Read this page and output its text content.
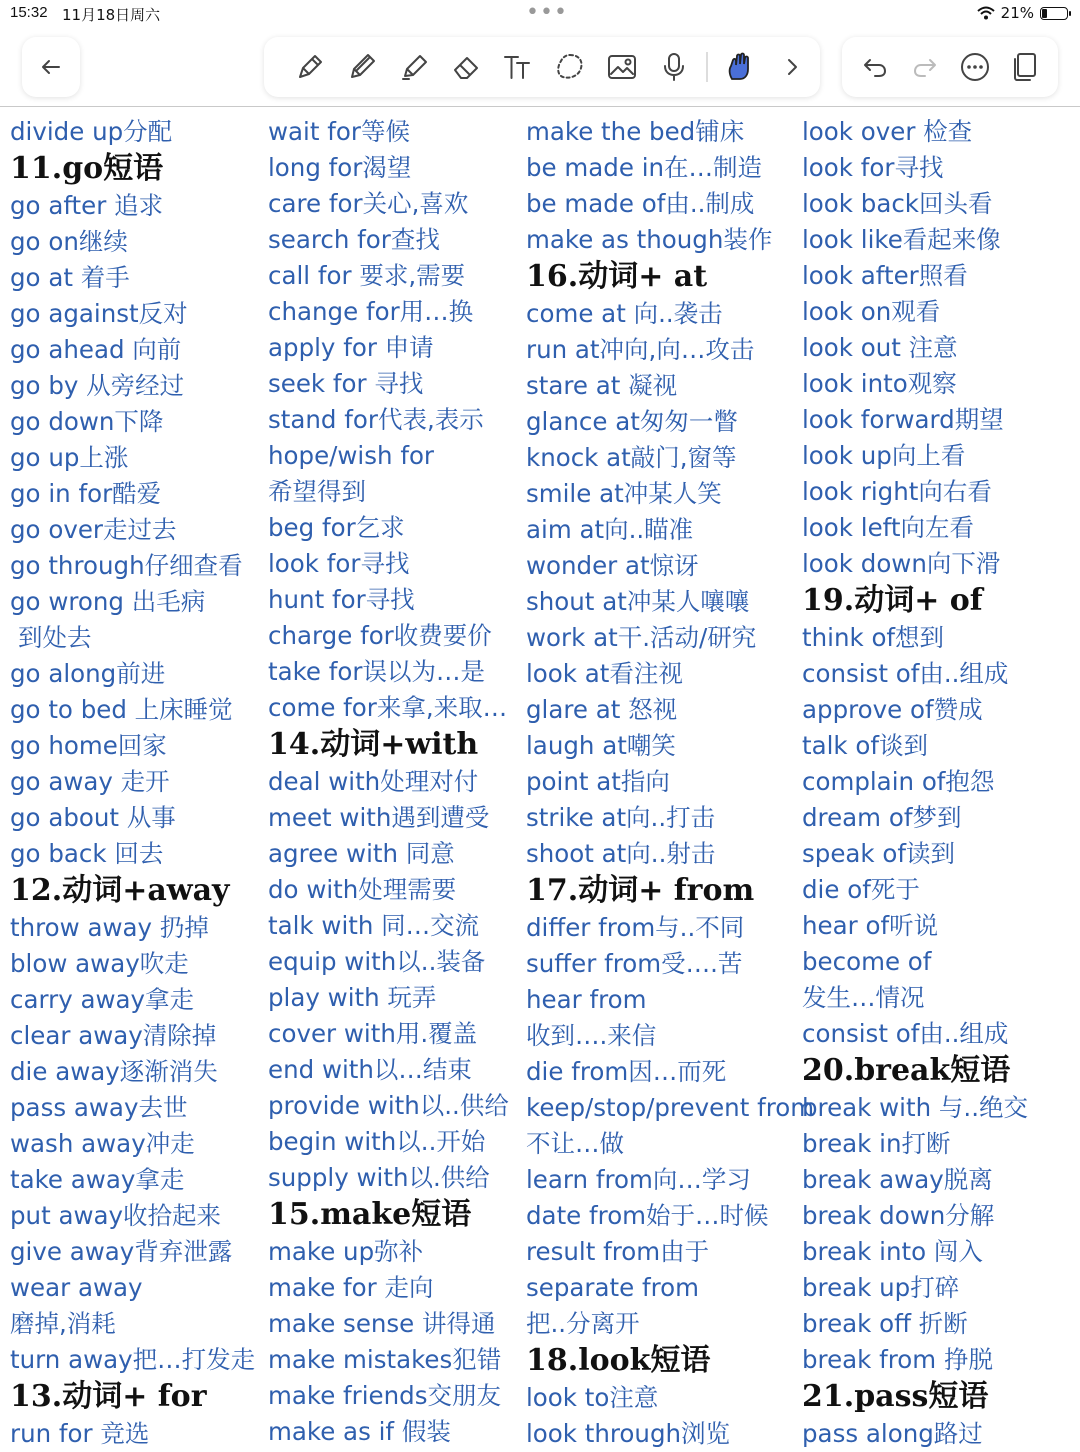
15:32 11月18日周六	•••	21%
divide up分配
11.go短语
go after 追求
go on继续
go at 着手
go against反对
go ahead 向前
go by 从旁经过
go down下降
go up上涨
go in for酷爱
go over走过去
go through仔细查看
go wrong 出毛病
到处去
go along前进
go to bed 上床睡觉
go home回家
go away 走开
go about 从事
go back 回去
12.动词+away
throw away 扔掉
blow away吹走
carry away拿走
clear away清除掉
die away逐渐消失
pass away去世
wash away冲走
take away拿走
put away收拾起来
give away背弃泄露
wear away
磨掉,消耗
turn away把…打发走
13.动词+ for
run for 竞选
wait for等候
long for渴望
care for关心,喜欢
search for查找
call for 要求,需要
change for用…换
apply for 申请
seek for 寻找
stand for代表,表示
hope/wish for
希望得到
beg for乞求
look for寻找
hunt for寻找
charge for收费要价
take for误以为…是
come for来拿,来取…
14.动词+with
deal with处理对付
meet with遇到遭受
agree with 同意
do with处理需要
talk with 同…交流
equip with以..装备
play with 玩弄
cover with用.覆盖
end with以…结束
provide with以..供给
begin with以..开始
supply with以.供给
15.make短语
make up弥补
make for 走向
make sense 讲得通
make mistakes犯错
make friends交朋友
make as if 假装
make the bed铺床
be made in在…制造
be made of由..制成
make as though装作
16.动词+ at
come at 向..袭击
run at冲向,向…攻击
stare at 凝视
glance at匆匆一瞥
knock at敲门,窗等
smile at冲某人笑
aim at向..瞄准
wonder at惊讶
shout at冲某人嚷嚷
work at干.活动/研究
look at看注视
glare at 怒视
laugh at嘲笑
point at指向
strike at向..打击
shoot at向..射击
17.动词+ from
differ from与..不同
suffer from受….苦
hear from
收到….来信
die from因…而死
keep/stop/prevent from
不让…做
learn from向…学习
date from始于…时候
result from由于
separate from
把..分离开
18.look短语
look to注意
look through浏览
look over 检查
look for寻找
look back回头看
look like看起来像
look after照看
look on观看
look out 注意
look into观察
look forward期望
look up向上看
look right向右看
look left向左看
look down向下滑
19.动词+ of
think of想到
consist of由..组成
approve of赞成
talk of谈到
complain of抱怨
dream of梦到
speak of读到
die of死于
hear of听说
become of
发生…情况
consist of由..组成
20.break短语
break with 与..绝交
break in打断
break away脱离
break down分解
break into 闯入
break up打碎
break off 折断
break from 挣脱
21.pass短语
pass along路过
